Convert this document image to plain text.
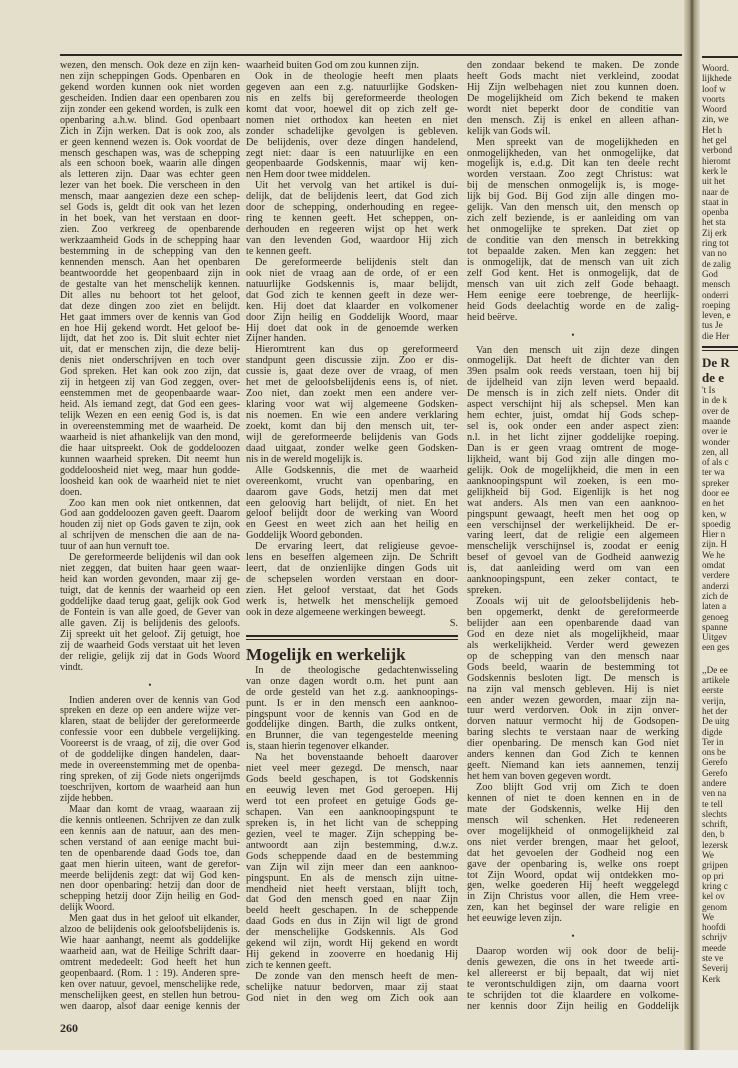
wezen, den mensch. Ook deze en zijn ken-
nen zijn scheppingen Gods. Openbaren en
gekend worden kunnen ook niet worden
gescheiden. Indien daar een openbaren zou
zijn zonder een gekend worden, is zulk een
openbaring a.h.w. blind. God openbaart
Zich in Zijn werken. Dat is ook zoo, als
er geen kennend wezen is. Ook voordat de
mensch geschapen was, was de schepping
als een schoon boek, waarin alle dingen
als letteren zijn. Daar was echter geen
lezer van het boek. Die verscheen in den
mensch, maar aangezien deze een schep-
sel Gods is, geldt dit ook van het lezen
in het boek, van het verstaan en door-
zien. Zoo verkreeg de openbarende
werkzaamheid Gods in de schepping haar
bestemming in de schepping van den
kennenden mensch. Aan het openbaren
beantwoordde het geopenbaard zijn in
de gestalte van het menschelijk kennen.
Dit alles nu behoort tot het geloof,
dat deze dingen zoo ziet en belijdt.
Het gaat immers over de kennis van God
en hoe Hij gekend wordt. Het geloof be-
lijdt, dat het zoo is. Dit sluit echter niet
uit, dat er menschen zijn, die deze belij-
denis niet onderschrijven en toch over
God spreken. Het kan ook zoo zijn, dat
zij in hetgeen zij van God zeggen, over-
eenstemmen met de geopenbaarde waar-
heid. Als iemand zegt, dat God een gees-
telijk Wezen en een eenig God is, is dat
in overeenstemming met de waarheid. De
waarheid is niet afhankelijk van den mond,
die haar uitspreekt. Ook de goddeloozen
kunnen waarheid spreken. Dit neemt hun
goddeloosheid niet weg, maar hun godde-
loosheid kan ook de waarheid niet te niet
doen.
Zoo kan men ook niet ontkennen, dat
God aan goddeloozen gaven geeft. Daarom
houden zij niet op Gods gaven te zijn, ook
al schrijven de menschen die aan de na-
tuur of aan hun vernuft toe.
De gereformeerde belijdenis wil dan ook
niet zeggen, dat buiten haar geen waar-
heid kan worden gevonden, maar zij ge-
tuigt, dat de kennis der waarheid op een
goddelijke daad terug gaat, gelijk ook God
de Fontein is van alle goed, de Gever van
alle gaven. Zij is belijdenis des geloofs.
Zij spreekt uit het geloof. Zij getuigt, hoe
zij de waarheid Gods verstaat uit het leven
der religie, gelijk zij dat in Gods Woord
vindt.
•
Indien anderen over de kennis van God
spreken en deze op een andere wijze ver-
klaren, staat de belijder der gereformeerde
confessie voor een dubbele vergelijking.
Vooreerst is de vraag, of zij, die over God
of de goddelijke dingen handelen, daar-
mede in overeenstemming met de openba-
ring spreken, of zij Gode niets ongerijmds
toeschrijven, kortom de waarheid aan hun
zijde hebben.
Maar dan komt de vraag, waaraan zij
die kennis ontleenen. Schrijven ze dan zulk
een kennis aan de natuur, aan des men-
schen verstand of aan eenige macht bui-
ten de openbarende daad Gods toe, dan
gaat men hierin uiteen, want de gerefor-
meerde belijdenis zegt: dat wij God ken-
nen door openbaring: hetzij dan door de
schepping hetzij door Zijn heilig en God-
delijk Woord.
Men gaat dus in het geloof uit elkander,
alzoo de belijdenis ook geloofsbelijdenis is.
Wie haar aanhangt, neemt als goddelijke
waarheid aan, wat de Heilige Schrift daar-
omtrent mededeelt: God heeft het hun
geopenbaard. (Rom. 1 : 19). Anderen spre-
ken over natuur, gevoel, menschelijke rede,
menschelijken geest, en stellen hun betrou-
wen daarop, alsof daar eenige kennis der
waarheid buiten God om zou kunnen zijn.
Ook in de theologie heeft men plaats
gegeven aan een z.g. natuurlijke Godsken-
nis en zelfs bij gereformeerde theologen
komt dat voor, hoewel dit op zich zelf ge-
nomen niet orthodox kan heeten en niet
zonder schadelijke gevolgen is gebleven.
De belijdenis, over deze dingen handelend,
zegt niet: daar is een natuurlijke en een
geopenbaarde Godskennis, maar wij ken-
nen Hem door twee middelen.
Uit het vervolg van het artikel is dui-
delijk, dat de belijdenis leert, dat God zich
door de schepping, onderhouding en regee-
ring te kennen geeft. Het scheppen, on-
derhouden en regeeren wijst op het werk
van den levenden God, waardoor Hij zich
te kennen geeft.
De gereformeerde belijdenis stelt dan
ook niet de vraag aan de orde, of er een
natuurlijke Godskennis is, maar belijdt,
dat God zich te kennen geeft in deze wer-
ken. Hij doet dat klaarder en volkomener
door Zijn heilig en Goddelijk Woord, maar
Hij doet dat ook in de genoemde werken
Zijner handen.
Hieromtrent kan dus op gereformeerd
standpunt geen discussie zijn. Zoo er dis-
cussie is, gaat deze over de vraag, of men
het met de geloofsbelijdenis eens is, of niet.
Zoo niet, dan zoekt men een andere ver-
klaring voor wat wij algemeene Godsken-
nis noemen. En wie een andere verklaring
zoekt, komt dan bij den mensch uit, ter-
wijl de gereformeerde belijdenis van Gods
daad uitgaat, zonder welke geen Godsken-
nis in de wereld mogelijk is.
Alle Godskennis, die met de waarheid
overeenkomt, vrucht van openbaring, en
daarom gave Gods, hetzij men dat met
een geloovig hart belijdt, of niet. En het
geloof belijdt door de werking van Woord
en Geest en weet zich aan het heilig en
Goddelijk Woord gebonden.
De ervaring leert, dat religieuse gevoe-
lens en beseffen algemeen zijn. De Schrift
leert, dat de onzienlijke dingen Gods uit
de schepselen worden verstaan en door-
zien. Het geloof verstaat, dat het Gods
werk is, hetwelk het menschelijk gemoed
ook in deze algemeene werkingen beweegt.
S.
Mogelijk en werkelijk
In de theologische gedachtenwisseling
van onze dagen wordt o.m. het punt aan
de orde gesteld van het z.g. aanknoopings-
punt. Is er in den mensch een aanknoo-
pingspunt voor de kennis van God en de
goddelijke dingen. Barth, die zulks ontkent,
en Brunner, die van tegengestelde meening
is, staan hierin tegenover elkander.
Na het bovenstaande behoeft daarover
niet veel meer gezegd. De mensch, naar
Gods beeld geschapen, is tot Godskennis
en eeuwig leven met God geroepen. Hij
werd tot een profeet en getuige Gods ge-
schapen. Van een aanknoopingspunt te
spreken is, in het licht van de schepping
gezien, veel te mager. Zijn schepping be-
antwoordt aan zijn bestemming, d.w.z.
Gods scheppende daad en de bestemming
van Zijn wil zijn meer dan een aanknoo-
pingspunt. En als de mensch zijn uitne-
mendheid niet heeft verstaan, blijft toch,
dat God den mensch goed en naar Zijn
beeld heeft geschapen. In de scheppende
daad Gods en dus in Zijn wil ligt de grond
der menschelijke Godskennis. Als God
gekend wil zijn, wordt Hij gekend en wordt
Hij gekend in zooverre en hoedanig Hij
zich te kennen geeft.
De zonde van den mensch heeft de men-
schelijke natuur bedorven, maar zij staat
God niet in den weg om Zich ook aan
den zondaar bekend te maken. De zonde
heeft Gods macht niet verkleind, zoodat
Hij Zijn welbehagen niet zou kunnen doen.
De mogelijkheid om Zich bekend te maken
wordt niet beperkt door de conditie van
den mensch. Zij is enkel en alleen afhan-
kelijk van Gods wil.
Men spreekt van de mogelijkheden en
onmogelijkheden, van het onmogelijke, dat
mogelijk is, e.d.g. Dit kan ten deele recht
worden verstaan. Zoo zegt Christus: wat
bij de menschen onmogelijk is, is moge-
lijk bij God. Bij God zijn alle dingen mo-
gelijk. Van den mensch uit, den mensch op
zich zelf beziende, is er aanleiding om van
het onmogelijke te spreken. Dat ziet op
de conditie van den mensch in betrekking
tot bepaalde zaken. Men kan zeggen: het
is onmogelijk, dat de mensch van uit zich
zelf God kent. Het is onmogelijk, dat de
mensch van uit zich zelf Gode behaagt.
Hem eenige eere toebrenge, de heerlijk-
heid Gods deelachtig worde en de zalig-
heid beërve.
•
Van den mensch uit zijn deze dingen
onmogelijk. Dat heeft de dichter van den
39en psalm ook reeds verstaan, toen hij bij
de ijdelheid van zijn leven werd bepaald.
De mensch is in zich zelf niets. Onder dit
aspect verschijnt hij als schepsel. Men kan
hem echter, juist, omdat hij Gods schep-
sel is, ook onder een ander aspect zien:
n.l. in het licht zijner goddelijke roeping.
Dan is er geen vraag omtrent de moge-
lijkheid, want bij God zijn alle dingen mo-
gelijk. Ook de mogelijkheid, die men in een
aanknoopingspunt wil zoeken, is een mo-
gelijkheid bij God. Eigenlijk is het nog
wat anders. Als men van een aanknoo-
pingspunt gewaagt, heeft men het oog op
een verschijnsel der werkelijkheid. De er-
varing leert, dat de religie een algemeen
menschelijk verschijnsel is, zoodat er eenig
besef of gevoel van de Godheid aanwezig
is, dat aanleiding werd om van een
aanknoopingspunt, een zeker contact, te
spreken.
Zooals wij uit de geloofsbelijdenis heb-
ben opgemerkt, denkt de gereformeerde
belijder aan een openbarende daad van
God en deze niet als mogelijkheid, maar
als werkelijkheid. Verder werd gewezen
op de schepping van den mensch naar
Gods beeld, waarin de bestemming tot
Godskennis besloten ligt. De mensch is
na zijn val mensch gebleven. Hij is niet
een ander wezen geworden, maar zijn na-
tuur werd verdorven. Ook in zijn onver-
dorven natuur vermocht hij de Godsopen-
baring slechts te verstaan naar de werking
dier openbaring. De mensch kan God niet
anders kennen dan God Zich te kennen
geeft. Niemand kan iets aannemen, tenzij
het hem van boven gegeven wordt.
Zoo blijft God vrij om Zich te doen
kennen of niet te doen kennen en in de
mate der Godskennis, welke Hij den
mensch wil schenken. Het redeneeren
over mogelijkheid of onmogelijkheid zal
ons niet verder brengen, maar het geloof,
dat het gevoelen der Godheid nog een
gave der openbaring is, welke ons roept
tot Zijn Woord, opdat wij ontdekken mo-
gen, welke goederen Hij heeft weggelegd
in Zijn Christus voor allen, die Hem vree-
zen, kan het beginsel der ware religie en
het eeuwige leven zijn.
•
Daarop worden wij ook door de belij-
denis gewezen, die ons in het tweede arti-
kel allereerst er bij bepaalt, dat wij niet
te verontschuldigen zijn, om daarna voort
te schrijden tot die klaardere en volkome-
ner kennis door Zijn heilig en Goddelijk
Woord.
lijkhede
loof w
voorts
Woord
zin, we
Het h
het gel
verbond
hieromt
kerk le
uit het
naar de
staat in
openba
het sta
Zij erk
ring tot
van no
de zalig
God
mensch
onderri
roeping
leven, e
tus Je
die Her
De R
de e
't Is
in de k
over de
maande
over ie
wonder
zen, all
of als c
ter wa
spreker
door ee
en het
ken, w
spoedig
Hier n
zijn. H
We he
omdat
verdere
anderzi
zich de
laten a
genoeg
spanne
Uitgev
een ges
,,De ee
artikele
eerste
verijn,
het der
De uitg
digde
Ter in
ons be
Gerefo
Gerefo
andere
ven na
te tell
slechts
schrift,
den, b
lezersk
We
grijpen
op pri
kring c
kel ov
genom
We
hoofdi
schrijv
meede
ste ve
Severij
Kerk
260
